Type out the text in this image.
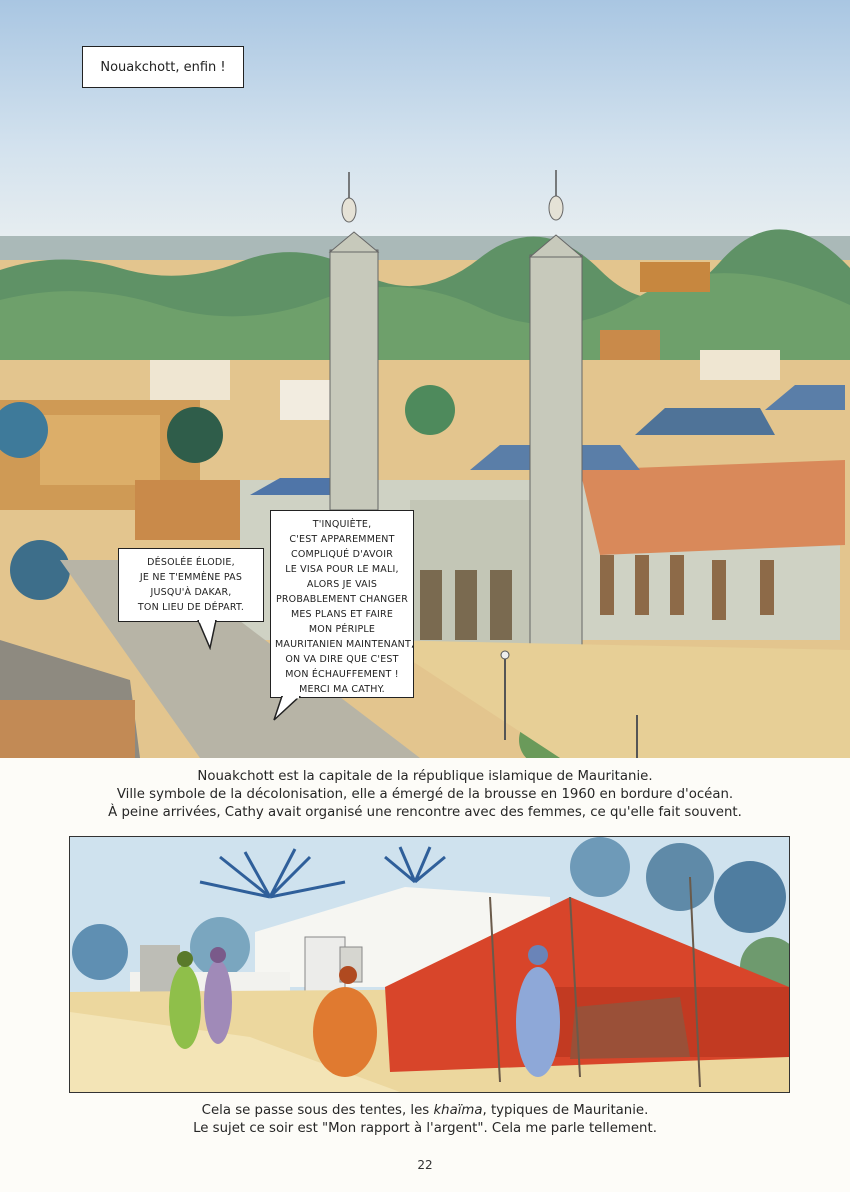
Nouakchott, enfin !
DÉSOLÉE ÉLODIE,
JE NE T'EMMÈNE PAS
JUSQU'À DAKAR,
TON LIEU DE DÉPART.
T'INQUIÈTE,
C'EST APPAREMMENT
COMPLIQUÉ D'AVOIR
LE VISA POUR LE MALI,
ALORS JE VAIS
PROBABLEMENT CHANGER
MES PLANS ET FAIRE
MON PÉRIPLE
MAURITANIEN MAINTENANT,
ON VA DIRE QUE C'EST
MON ÉCHAUFFEMENT !
MERCI MA CATHY.
Nouakchott est la capitale de la république islamique de Mauritanie.
Ville symbole de la décolonisation, elle a émergé de la brousse en 1960 en bordure d'océan.
À peine arrivées, Cathy avait organisé une rencontre avec des femmes, ce qu'elle fait souvent.
Cela se passe sous des tentes, les khaïma, typiques de Mauritanie.
Le sujet ce soir est "Mon rapport à l'argent". Cela me parle tellement.
22
